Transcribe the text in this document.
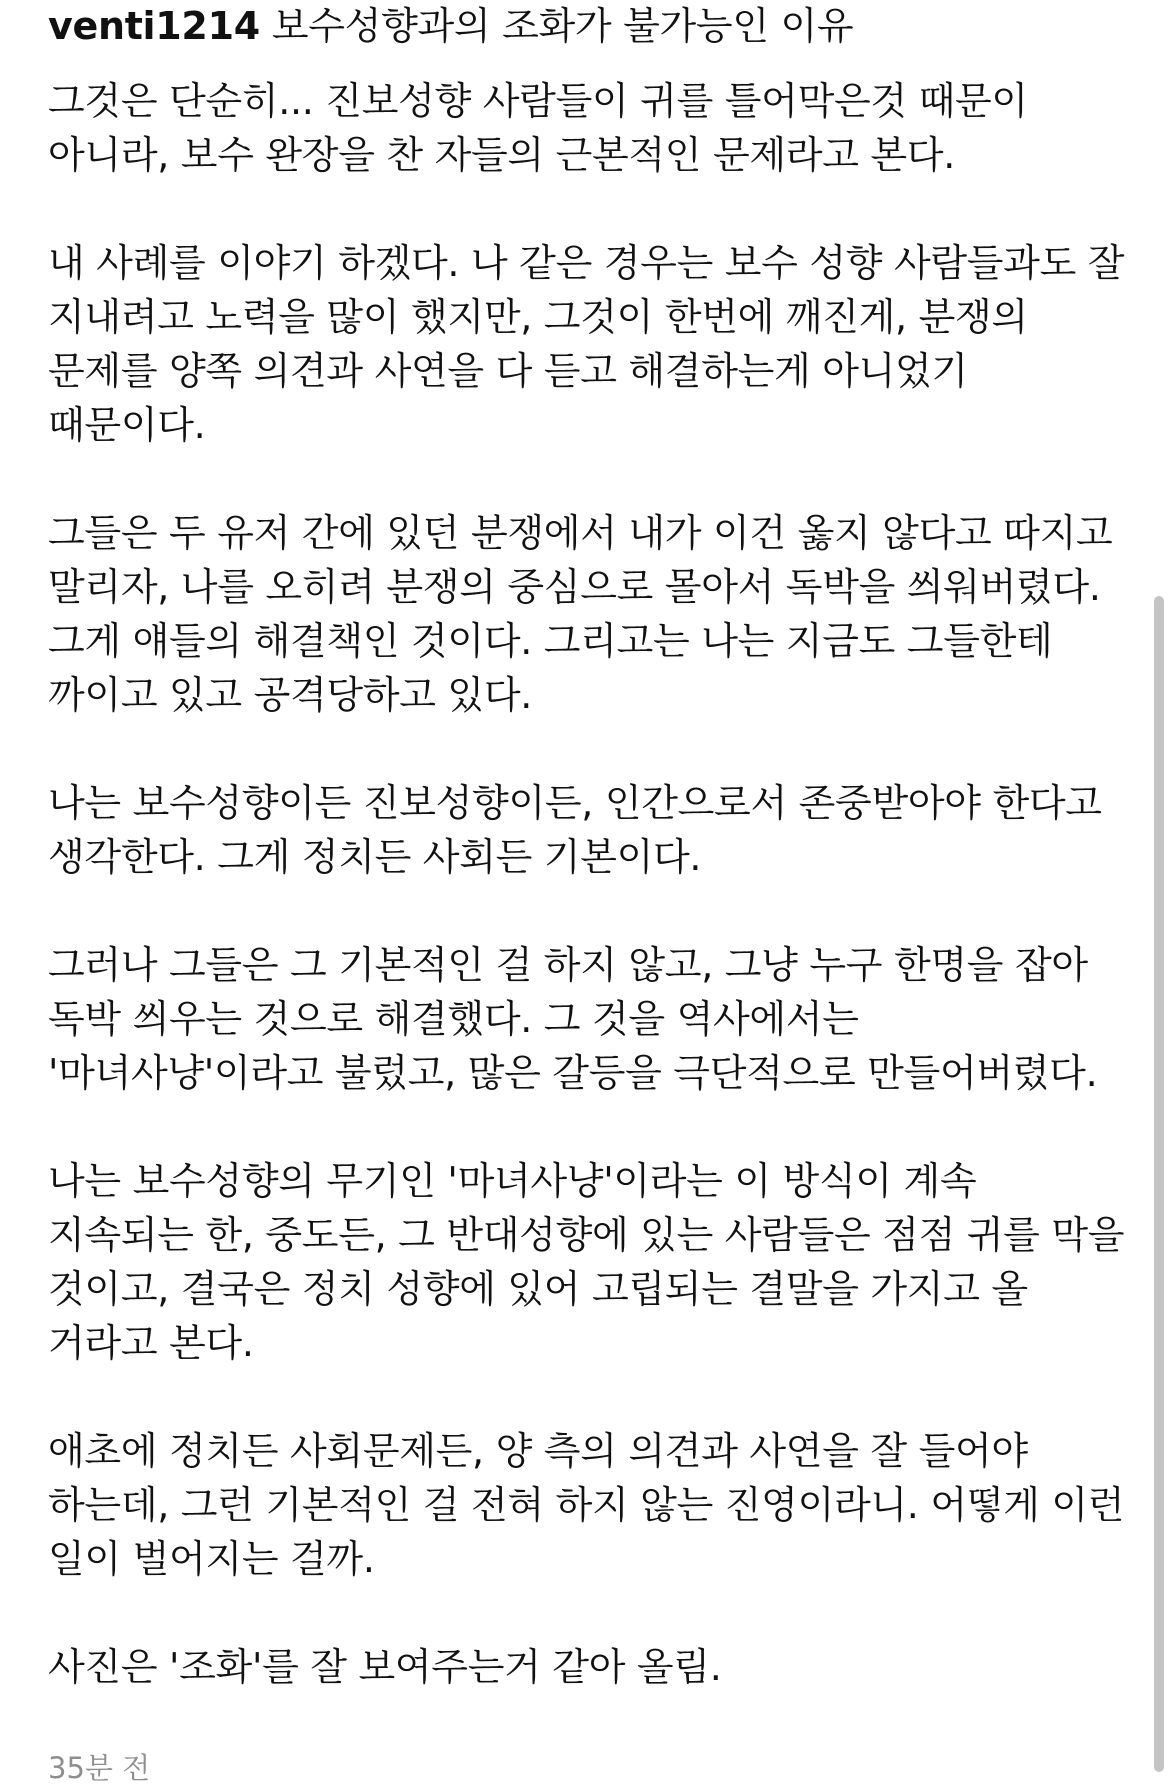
venti1214 보수성향과의 조화가 불가능인 이유
그것은 단순히... 진보성향 사람들이 귀를 틀어막은것 때문이 아니라, 보수 완장을 찬 자들의 근본적인 문제라고 본다.
내 사례를 이야기 하겠다. 나 같은 경우는 보수 성향 사람들과도 잘 지내려고 노력을 많이 했지만, 그것이 한번에 깨진게, 분쟁의 문제를 양쪽 의견과 사연을 다 듣고 해결하는게 아니었기 때문이다.
그들은 두 유저 간에 있던 분쟁에서 내가 이건 옳지 않다고 따지고 말리자, 나를 오히려 분쟁의 중심으로 몰아서 독박을 씌워버렸다. 그게 얘들의 해결책인 것이다. 그리고는 나는 지금도 그들한테 까이고 있고 공격당하고 있다.
나는 보수성향이든 진보성향이든, 인간으로서 존중받아야 한다고 생각한다. 그게 정치든 사회든 기본이다.
그러나 그들은 그 기본적인 걸 하지 않고, 그냥 누구 한명을 잡아 독박 씌우는 것으로 해결했다. 그 것을 역사에서는 '마녀사냥'이라고 불렀고, 많은 갈등을 극단적으로 만들어버렸다.
나는 보수성향의 무기인 '마녀사냥'이라는 이 방식이 계속 지속되는 한, 중도든, 그 반대성향에 있는 사람들은 점점 귀를 막을 것이고, 결국은 정치 성향에 있어 고립되는 결말을 가지고 올 거라고 본다.
애초에 정치든 사회문제든, 양 측의 의견과 사연을 잘 들어야 하는데, 그런 기본적인 걸 전혀 하지 않는 진영이라니. 어떻게 이런 일이 벌어지는 걸까.
사진은 '조화'를 잘 보여주는거 같아 올림.
35분 전
